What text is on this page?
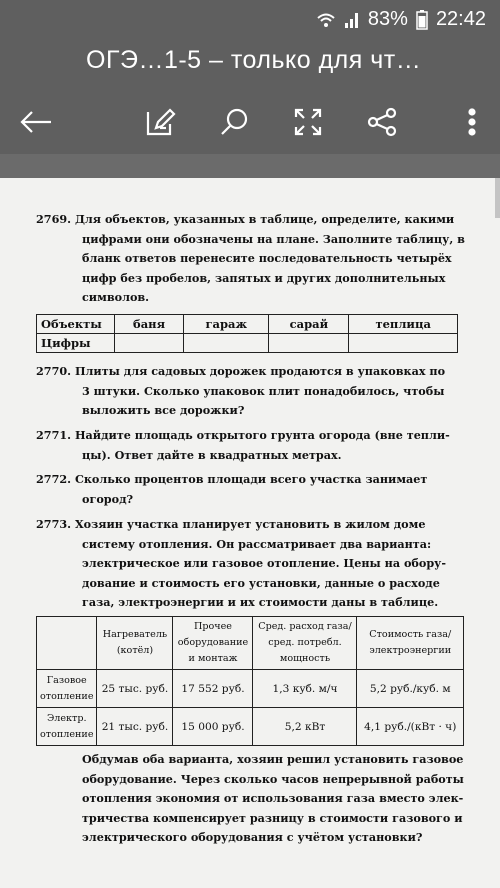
83% 22:42
ОГЭ…1-5 – только для чт…
2769. Для объектов, указанных в таблице, определите, какими
цифрами они обозначены на плане. Заполните таблицу, в
бланк ответов перенесите последовательность четырёх
цифр без пробелов, запятых и других дополнительных
символов.
Объекты	баня	гараж	сарай	теплица
Цифры				
2770. Плиты для садовых дорожек продаются в упаковках по
3 штуки. Сколько упаковок плит понадобилось, чтобы
выложить все дорожки?
2771. Найдите площадь открытого грунта огорода (вне тепли-
цы). Ответ дайте в квадратных метрах.
2772. Сколько процентов площади всего участка занимает
огород?
2773. Хозяин участка планирует установить в жилом доме
систему отопления. Он рассматривает два варианта:
электрическое или газовое отопление. Цены на обору-
дование и стоимость его установки, данные о расходе
газа, электроэнергии и их стоимости даны в таблице.
	Нагреватель (котёл)	Прочее оборудование и монтаж	Сред. расход газа/ сред. потребл. мощность	Стоимость газа/ электроэнергии
Газовое отопление	25 тыс. руб.	17 552 руб.	1,3 куб. м/ч	5,2 руб./куб. м
Электр. отопление	21 тыс. руб.	15 000 руб.	5,2 кВт	4,1 руб./(кВт · ч)
Обдумав оба варианта, хозяин решил установить газовое
оборудование. Через сколько часов непрерывной работы
отопления экономия от использования газа вместо элек-
тричества компенсирует разницу в стоимости газового и
электрического оборудования с учётом установки?
